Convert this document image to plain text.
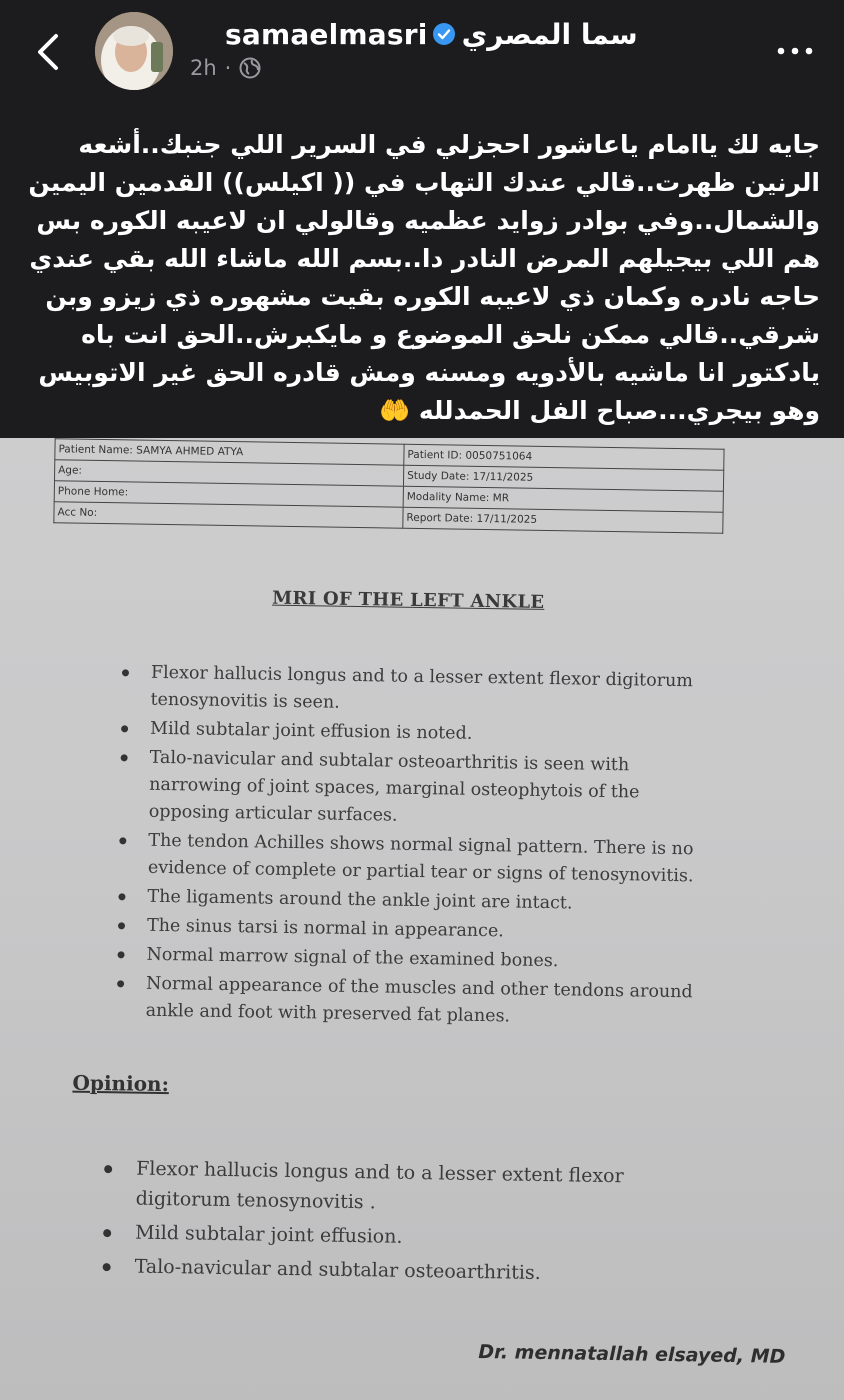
samaelmasri سما المصري
2h ·
جايه لك ياامام ياعاشور احجزلي في السرير اللي جنبك..أشعه الرنين ظهرت..قالي عندك التهاب في (( اكيلس)) القدمين اليمين والشمال..وفي بوادر زوايد عظميه وقالولي ان لاعيبه الكوره بس هم اللي بيجيلهم المرض النادر دا..بسم الله ماشاء الله بقي عندي حاجه نادره وكمان ذي لاعيبه الكوره بقيت مشهوره ذي زيزو وبن شرقي..قالي ممكن نلحق الموضوع و مايكبرش..الحق انت باه يادكتور انا ماشيه بالأدويه ومسنه ومش قادره الحق غير الاتوبيس وهو بيجري...صباح الفل الحمدلله 🤲
Patient Name: SAMYA AHMED ATYA	Patient ID: 0050751064
Age:	Study Date: 17/11/2025
Phone Home:	Modality Name: MR
Acc No:	Report Date: 17/11/2025
MRI OF THE LEFT ANKLE
Flexor hallucis longus and to a lesser extent flexor digitorum tenosynovitis is seen.
Mild subtalar joint effusion is noted.
Talo-navicular and subtalar osteoarthritis is seen with narrowing of joint spaces, marginal osteophytois of the opposing articular surfaces.
The tendon Achilles shows normal signal pattern. There is no evidence of complete or partial tear or signs of tenosynovitis.
The ligaments around the ankle joint are intact.
The sinus tarsi is normal in appearance.
Normal marrow signal of the examined bones.
Normal appearance of the muscles and other tendons around ankle and foot with preserved fat planes.
Opinion:
Flexor hallucis longus and to a lesser extent flexor digitorum tenosynovitis .
Mild subtalar joint effusion.
Talo-navicular and subtalar osteoarthritis.
Dr. mennatallah elsayed, MD
